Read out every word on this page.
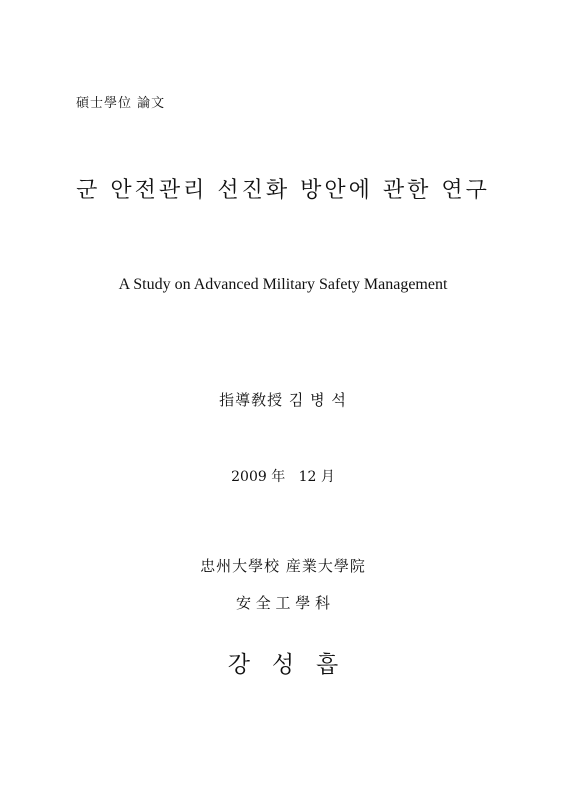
碩士學位 論文
군 안전관리 선진화 방안에 관한 연구
A Study on Advanced Military Safety Management
指導敎授 김 병 석
2009 年   12 月
忠州大學校 産業大學院
安 全 工 學 科
강   성   흡
